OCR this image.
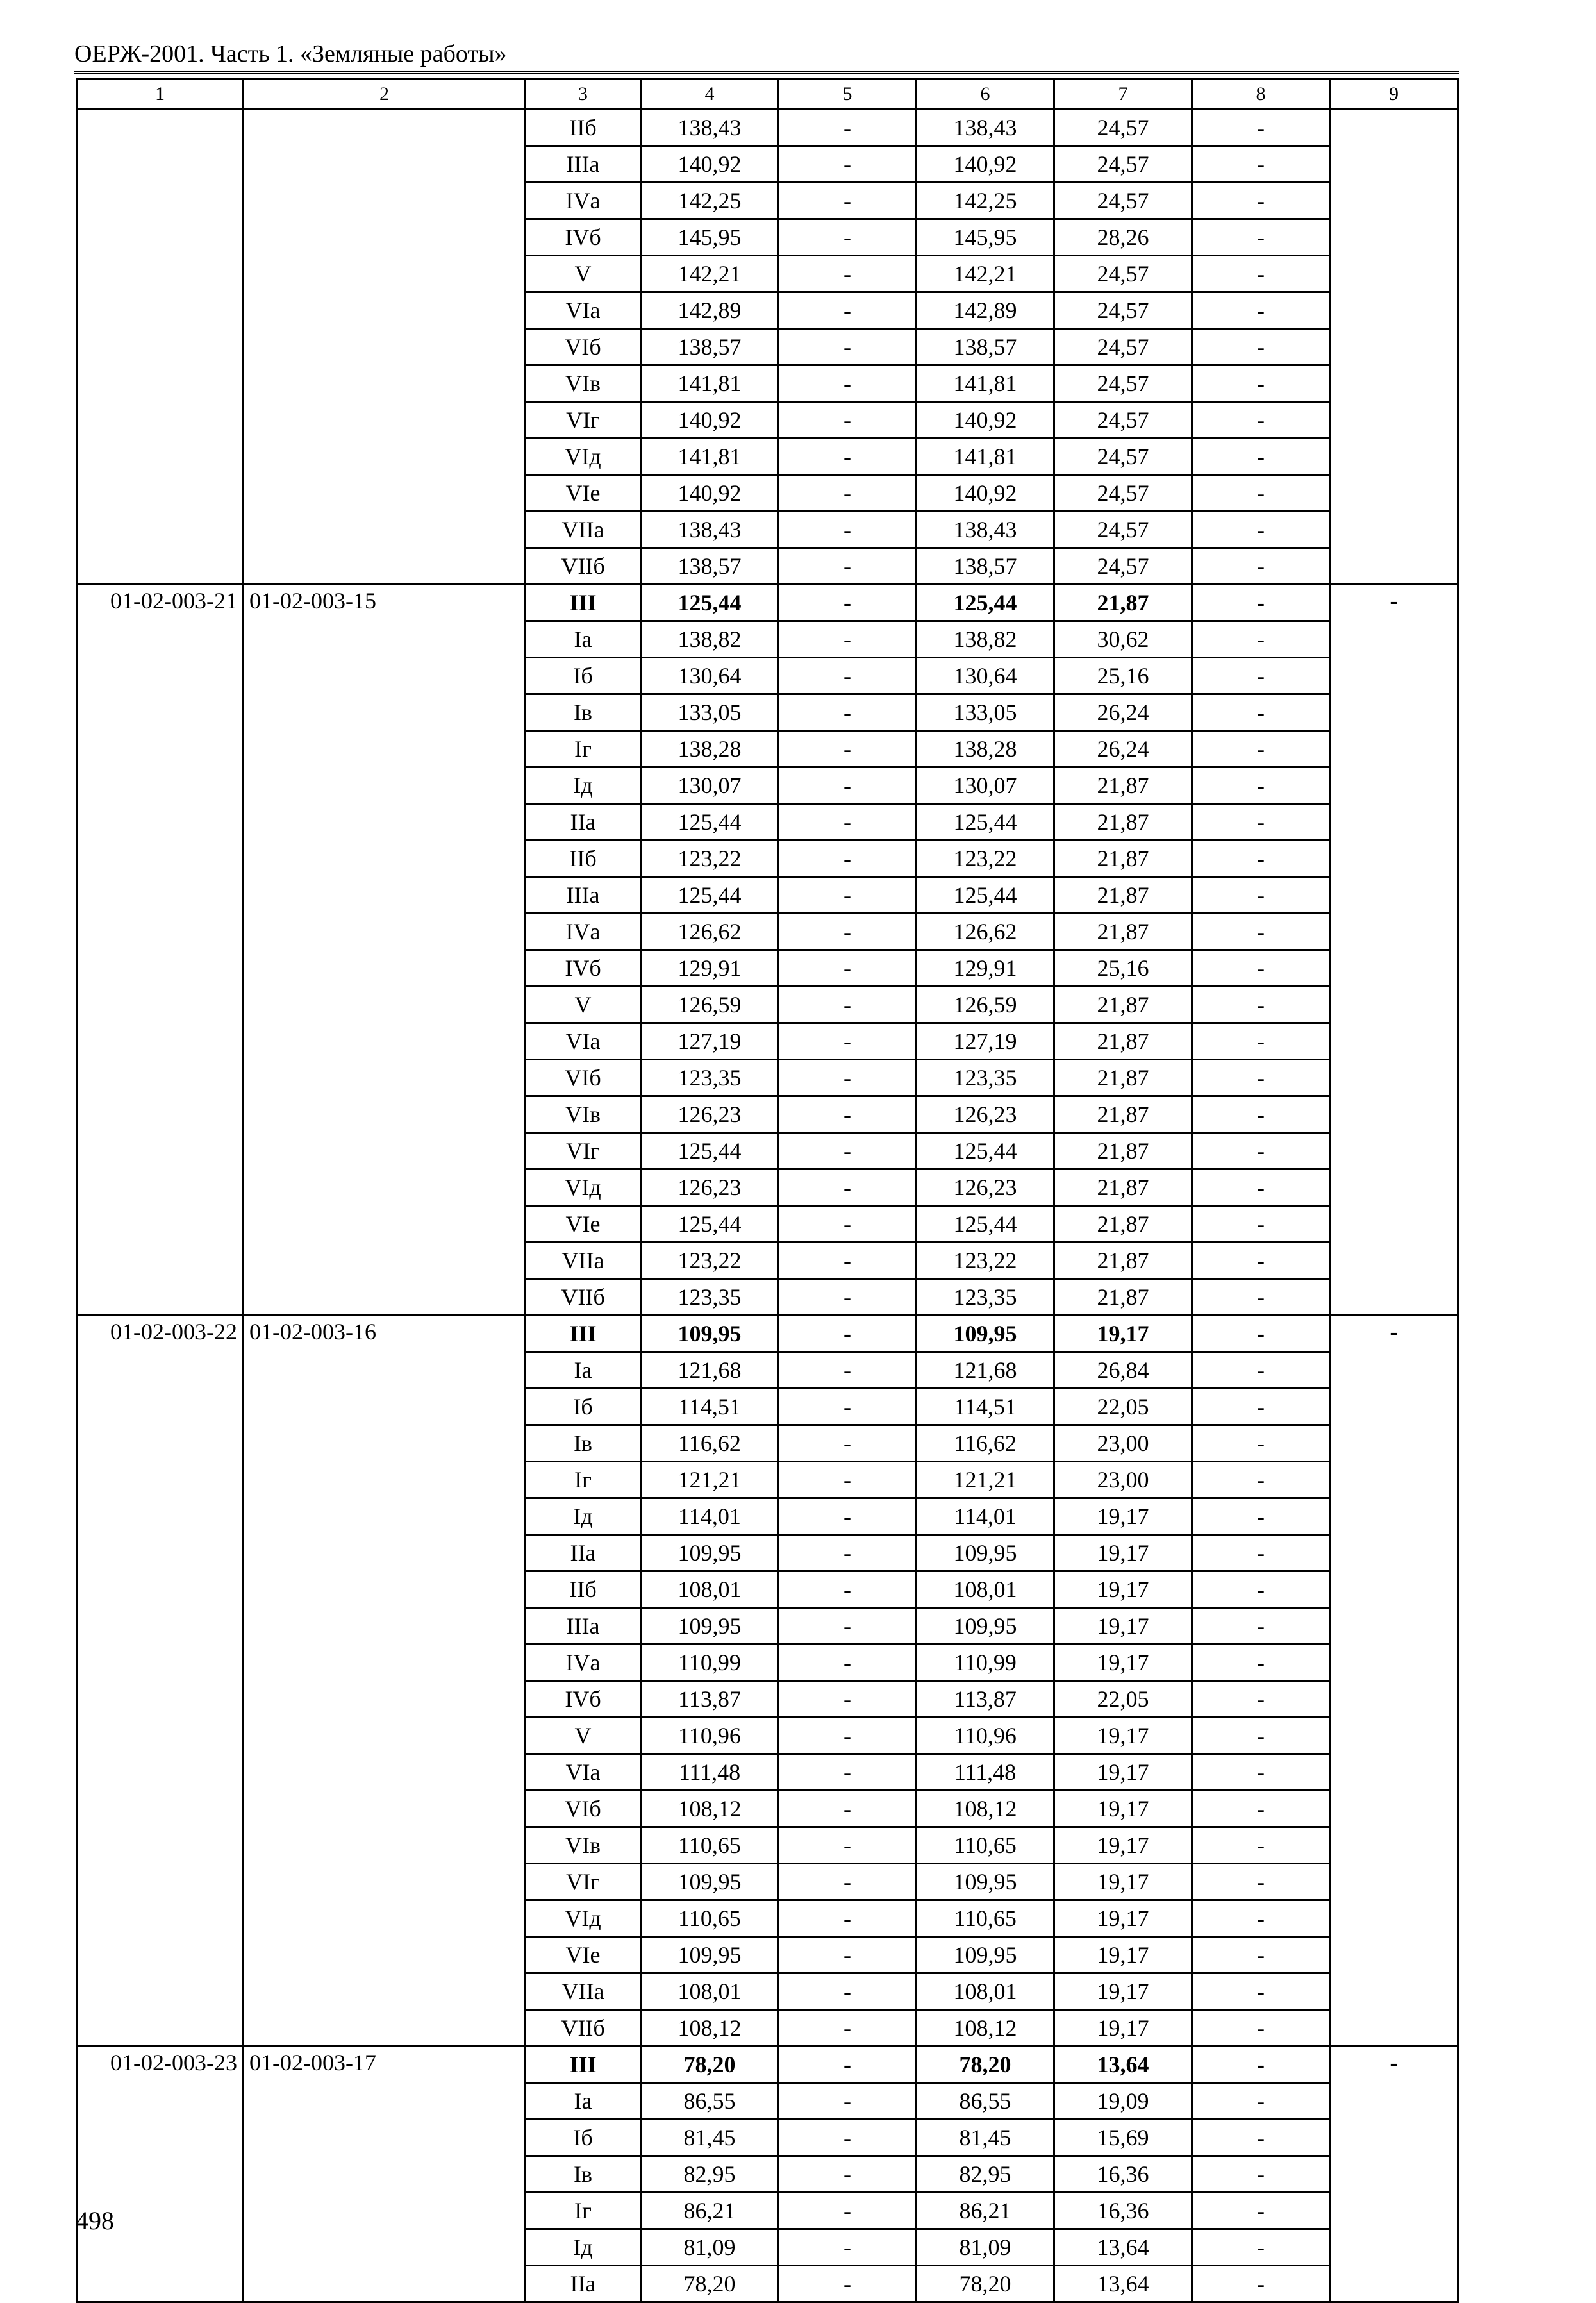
ОЕРЖ-2001. Часть 1. «Земляные работы»
1	2	3	4	5	6	7	8	9
		IIб	138,43	-	138,43	24,57	-	
		IIIа	140,92	-	140,92	24,57	-	
		IVа	142,25	-	142,25	24,57	-	
		IVб	145,95	-	145,95	28,26	-	
		V	142,21	-	142,21	24,57	-	
		VIа	142,89	-	142,89	24,57	-	
		VIб	138,57	-	138,57	24,57	-	
		VIв	141,81	-	141,81	24,57	-	
		VIг	140,92	-	140,92	24,57	-	
		VIд	141,81	-	141,81	24,57	-	
		VIе	140,92	-	140,92	24,57	-	
		VIIа	138,43	-	138,43	24,57	-	
		VIIб	138,57	-	138,57	24,57	-	
01-02-003-21	01-02-003-15	III	125,44	-	125,44	21,87	-	-
		Iа	138,82	-	138,82	30,62	-	
		Iб	130,64	-	130,64	25,16	-	
		Iв	133,05	-	133,05	26,24	-	
		Iг	138,28	-	138,28	26,24	-	
		Iд	130,07	-	130,07	21,87	-	
		IIа	125,44	-	125,44	21,87	-	
		IIб	123,22	-	123,22	21,87	-	
		IIIа	125,44	-	125,44	21,87	-	
		IVа	126,62	-	126,62	21,87	-	
		IVб	129,91	-	129,91	25,16	-	
		V	126,59	-	126,59	21,87	-	
		VIа	127,19	-	127,19	21,87	-	
		VIб	123,35	-	123,35	21,87	-	
		VIв	126,23	-	126,23	21,87	-	
		VIг	125,44	-	125,44	21,87	-	
		VIд	126,23	-	126,23	21,87	-	
		VIе	125,44	-	125,44	21,87	-	
		VIIа	123,22	-	123,22	21,87	-	
		VIIб	123,35	-	123,35	21,87	-	
01-02-003-22	01-02-003-16	III	109,95	-	109,95	19,17	-	-
		Iа	121,68	-	121,68	26,84	-	
		Iб	114,51	-	114,51	22,05	-	
		Iв	116,62	-	116,62	23,00	-	
		Iг	121,21	-	121,21	23,00	-	
		Iд	114,01	-	114,01	19,17	-	
		IIа	109,95	-	109,95	19,17	-	
		IIб	108,01	-	108,01	19,17	-	
		IIIа	109,95	-	109,95	19,17	-	
		IVа	110,99	-	110,99	19,17	-	
		IVб	113,87	-	113,87	22,05	-	
		V	110,96	-	110,96	19,17	-	
		VIа	111,48	-	111,48	19,17	-	
		VIб	108,12	-	108,12	19,17	-	
		VIв	110,65	-	110,65	19,17	-	
		VIг	109,95	-	109,95	19,17	-	
		VIд	110,65	-	110,65	19,17	-	
		VIе	109,95	-	109,95	19,17	-	
		VIIа	108,01	-	108,01	19,17	-	
		VIIб	108,12	-	108,12	19,17	-	
01-02-003-23	01-02-003-17	III	78,20	-	78,20	13,64	-	-
		Iа	86,55	-	86,55	19,09	-	
		Iб	81,45	-	81,45	15,69	-	
		Iв	82,95	-	82,95	16,36	-	
		Iг	86,21	-	86,21	16,36	-	
		Iд	81,09	-	81,09	13,64	-	
		IIа	78,20	-	78,20	13,64	-	
498
